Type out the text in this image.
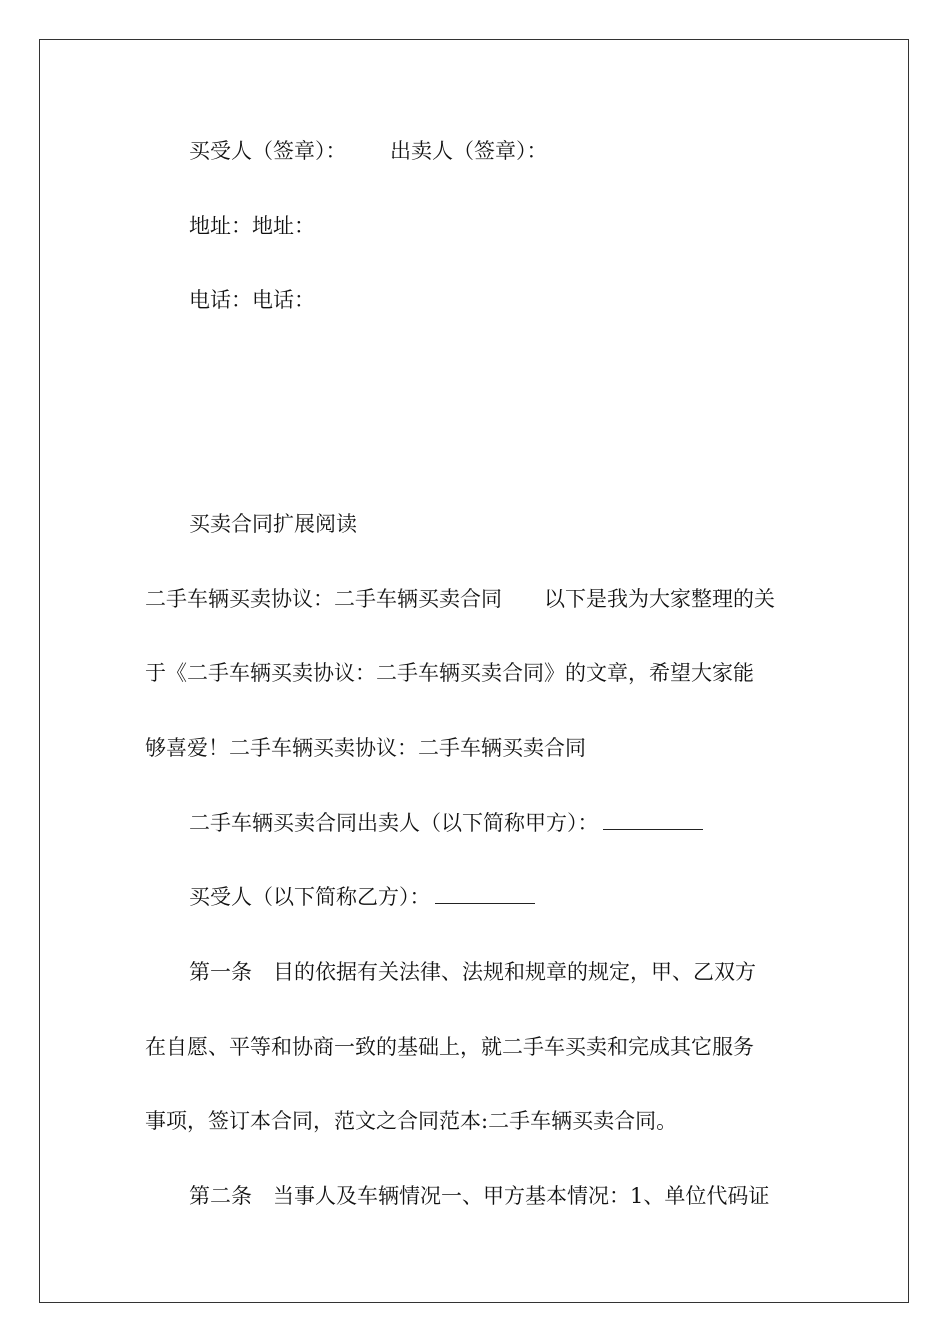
买受人（签章）： 出卖人（签章）：
地址：地址：
电话：电话：
买卖合同扩展阅读
二手车辆买卖协议：二手车辆买卖合同　　以下是我为大家整理的关
于《二手车辆买卖协议：二手车辆买卖合同》的文章，希望大家能
够喜爱！二手车辆买卖协议：二手车辆买卖合同
二手车辆买卖合同出卖人（以下简称甲方）：
买受人（以下简称乙方）：
第一条　目的依据有关法律、法规和规章的规定，甲、乙双方
在自愿、平等和协商一致的基础上，就二手车买卖和完成其它服务
事项，签订本合同，范文之合同范本:二手车辆买卖合同。
第二条　当事人及车辆情况一、甲方基本情况：1、单位代码证
